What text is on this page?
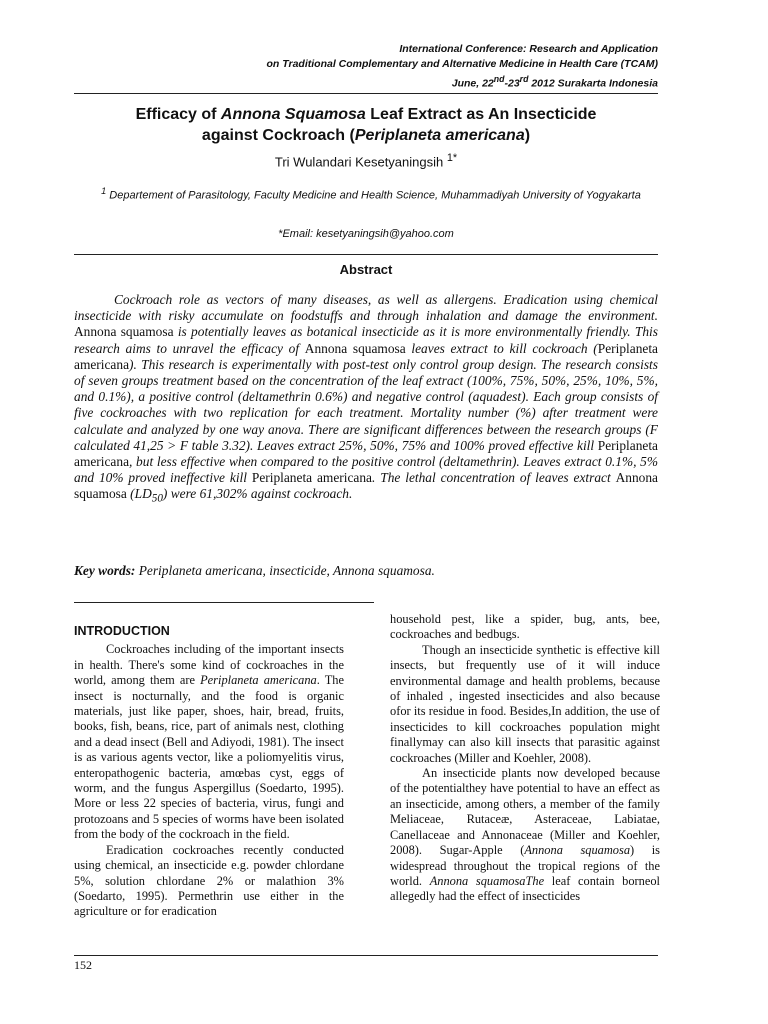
International Conference: Research and Application
on Traditional Complementary and Alternative Medicine in Health Care (TCAM)
June, 22nd-23rd 2012 Surakarta Indonesia
Efficacy of Annona Squamosa Leaf Extract as An Insecticide
against Cockroach (Periplaneta americana)
Tri Wulandari Kesetyaningsih $^{1*}$
$^1$ Departement of Parasitology, Faculty Medicine and Health Science, Muhammadiyah University of Yogyakarta
*Email: kesetyaningsih@yahoo.com
Abstract

Cockroach role as vectors of many diseases, as well as allergens. Eradication using chemical insecticide with risky accumulate on foodstuffs and through inhalation and damage the environment. Annona squamosa is potentially leaves as botanical insecticide as it is more environmentally friendly. This research aims to unravel the efficacy of Annona squamosa leaves extract to kill cockroach (Periplaneta americana). This research is experimentally with post-test only control group design. The research consists of seven groups treatment based on the concentration of the leaf extract (100%, 75%, 50%, 25%, 10%, 5%, and 0.1%), a positive control (deltamethrin 0.6%) and negative control (aquadest). Each group consists of five cockroaches with two replication for each treatment. Mortality number (%) after treatment were calculate and analyzed by one way anova. There are significant differences between the research groups (F calculated 41,25 > F table 3.32). Leaves extract 25%, 50%, 75% and 100% proved effective kill Periplaneta americana, but less effective when compared to the positive control (deltamethrin). Leaves extract 0.1%, 5% and 10% proved ineffective kill Periplaneta americana. The lethal concentration of leaves extract Annona squamosa $(LD_{50})$ were 61,302% against cockroach.

Key words: Periplaneta americana, insecticide, Annona squamosa.
INTRODUCTION

Cockroaches including of the important insects in health. There's some kind of cockroaches in the world, among them are Periplaneta americana. The insect is nocturnally, and the food is organic materials, just like paper, shoes, hair, bread, fruits, books, fish, beans, rice, part of animals nest, clothing and a dead insect (Bell and Adiyodi, 1981). The insect is as various agents vector, like a poliomyelitis virus, enteropathogenic bacteria, amœbas cyst, eggs of worm, and the fungus Aspergillus (Soedarto, 1995). More or less 22 species of bacteria, virus, fungi and protozoans and 5 species of worms have been isolated from the body of the cockroach in the field.

Eradication cockroaches recently conducted using chemical, an insecticide e.g. powder chlordane 5%, solution chlordane 2% or malathion 3% (Soedarto, 1995). Permethrin use either in the agriculture or for eradication

household pest, like a spider, bug, ants, bee, cockroaches and bedbugs.

Though an insecticide synthetic is effective kill insects, but frequently use of it will induce environmental damage and health problems, because of inhaled , ingested insecticides and also because ofor its residue in food. Besides,In addition, the use of insecticides to kill cockroaches population might finallymay can also kill insects that parasitic against cockroaches (Miller and Koehler, 2008).

An insecticide plants now developed because of the potentialthey have potential to have an effect as an insecticide, among others, a member of the family Meliaceae, Rutaceæ, Asteraceae, Labiatae, Canellaceae and Annonaceae (Miller and Koehler, 2008). Sugar-Apple (Annona squamosa) is widespread throughout the tropical regions of the world. Annona squamosaThe leaf contain borneol allegedly had the effect of insecticides

152
